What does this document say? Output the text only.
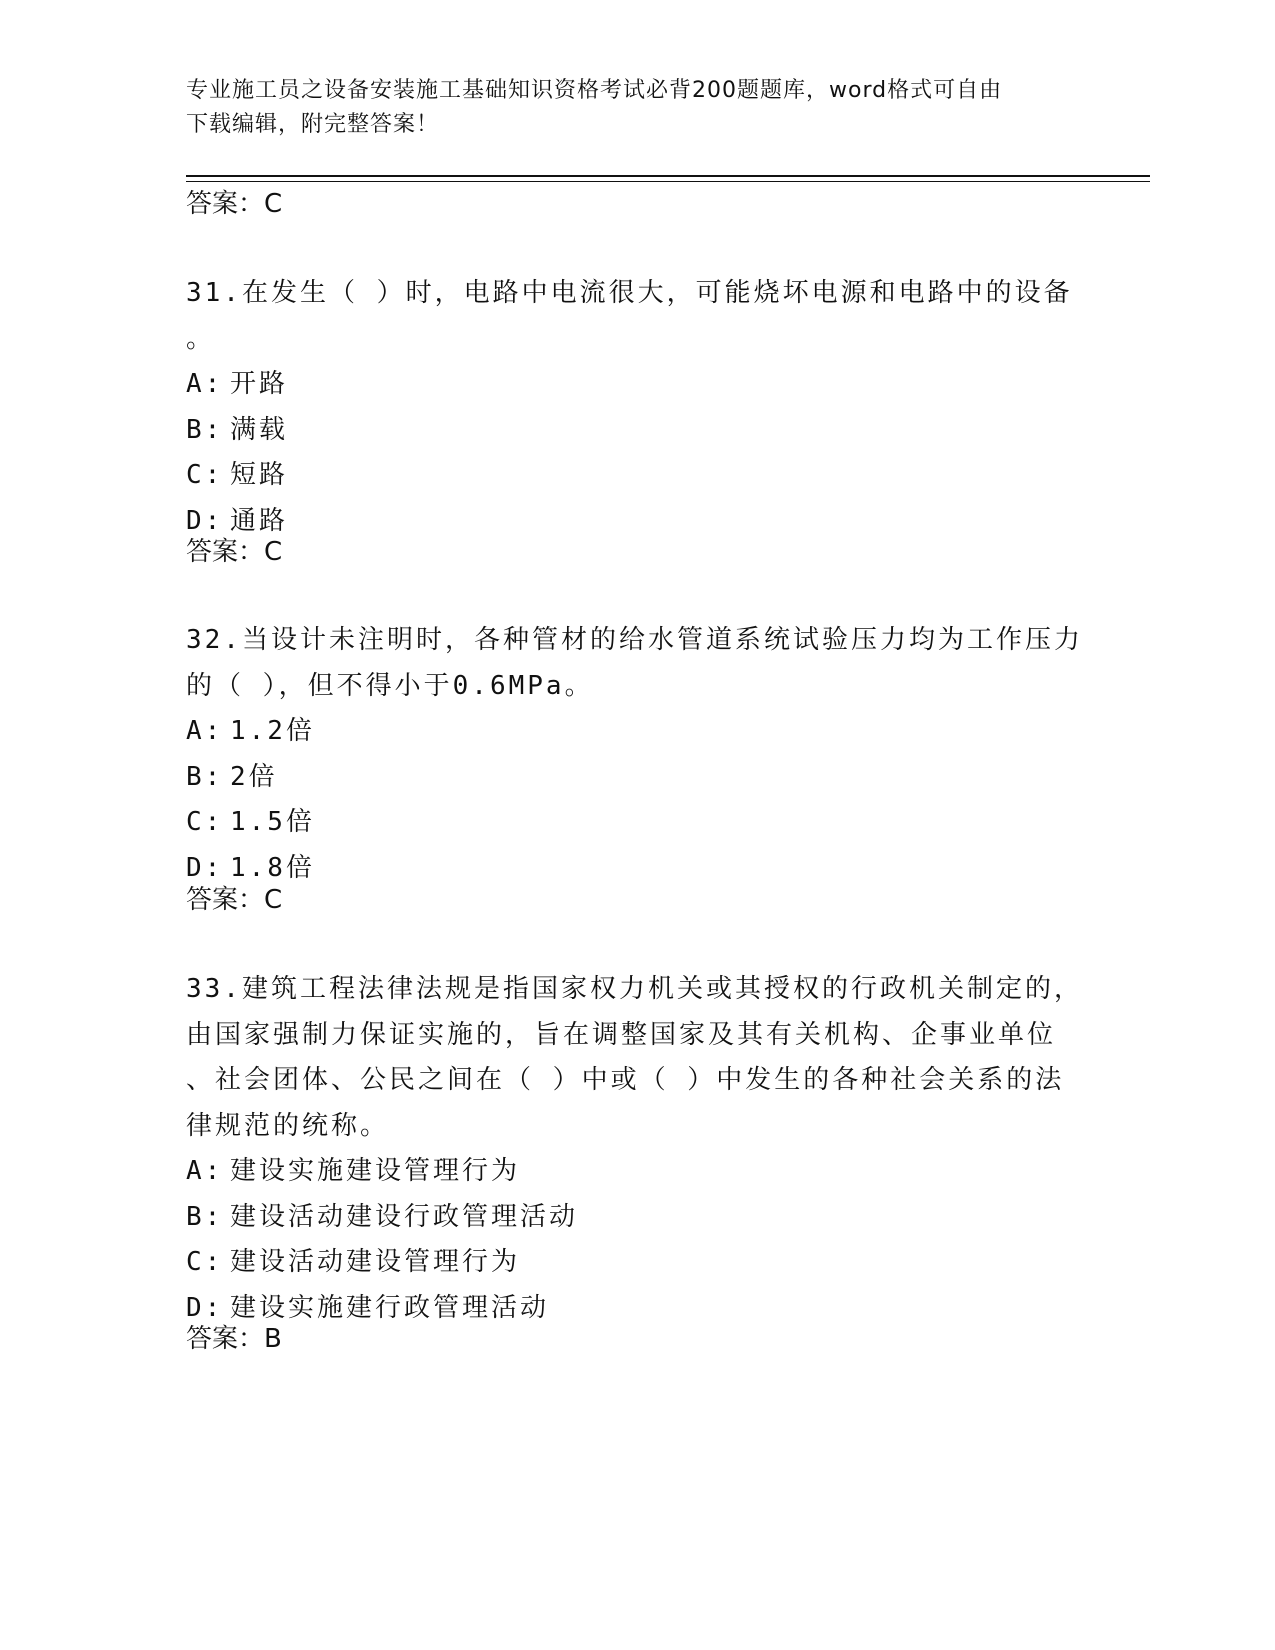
专业施工员之设备安装施工基础知识资格考试必背200题题库，word格式可自由
下载编辑，附完整答案！
答案：C
31.在发生（ ）时，电路中电流很大，可能烧坏电源和电路中的设备
。
A: 开路
B: 满载
C: 短路
D: 通路
答案：C
32.当设计未注明时，各种管材的给水管道系统试验压力均为工作压力
的（ ），但不得小于0.6MPa。
A: 1.2倍
B: 2倍
C: 1.5倍
D: 1.8倍
答案：C
33.建筑工程法律法规是指国家权力机关或其授权的行政机关制定的，
由国家强制力保证实施的，旨在调整国家及其有关机构、企事业单位
、社会团体、公民之间在（ ）中或（ ）中发生的各种社会关系的法
律规范的统称。
A: 建设实施建设管理行为
B: 建设活动建设行政管理活动
C: 建设活动建设管理行为
D: 建设实施建行政管理活动
答案：B
